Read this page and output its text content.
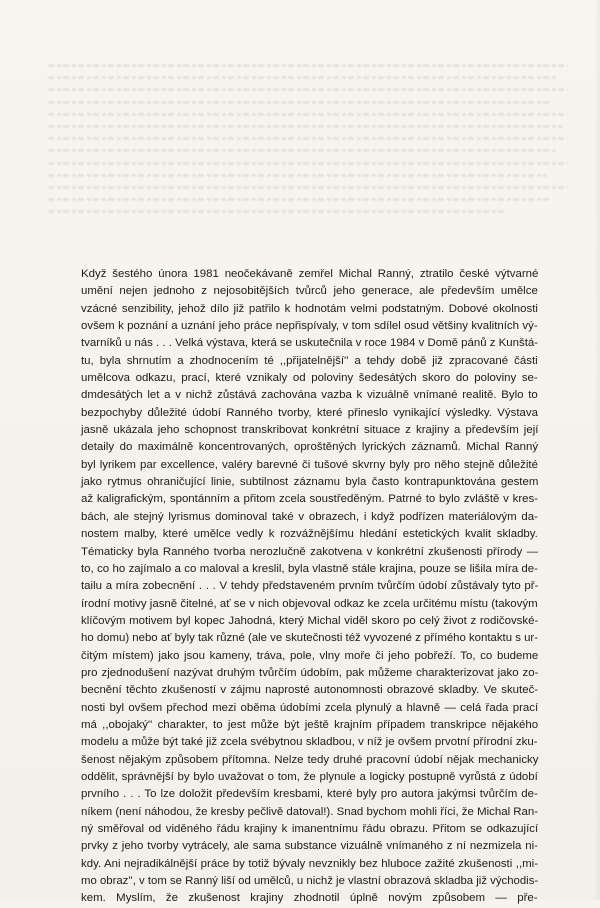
Když šestého února 1981 neočekávaně zemřel Michal Ranný, ztratilo české výtvarné
umění nejen jednoho z nejosobitějších tvůrců jeho generace, ale především umělce
vzácné senzibility, jehož dílo již patřilo k hodnotám velmi podstatným. Dobové okolnosti
ovšem k poznání a uznání jeho práce nepřispívaly, v tom sdílel osud většiny kvalitních vý-
tvarníků u nás . . . Velká výstava, která se uskutečnila v roce 1984 v Domě pánů z Kunštá-
tu, byla shrnutím a zhodnocením té ,,přijatelnější'' a tehdy době již zpracované části
umělcova odkazu, prací, které vznikaly od poloviny šedesátých skoro do poloviny se-
dmdesátých let a v nichž zůstává zachována vazba k vizuálně vnímané realitě. Bylo to
bezpochyby důležité údobí Ranného tvorby, které přineslo vynikající výsledky. Výstava
jasně ukázala jeho schopnost transkribovat konkrétní situace z krajiny a především její
detaily do maximálně koncentrovaných, oproštěných lyrických záznamů. Michal Ranný
byl lyrikem par excellence, valéry barevné či tušové skvrny byly pro něho stejně důležité
jako rytmus ohraničující linie, subtilnost záznamu byla často kontrapunktována gestem
až kaligrafickým, spontánním a přitom zcela soustředěným. Patrné to bylo zvláště v kres-
bách, ale stejný lyrismus dominoval také v obrazech, i když podřízen materiálovým da-
nostem malby, které umělce vedly k rozvážnějšímu hledání estetických kvalit skladby.
Tématicky byla Ranného tvorba nerozlučně zakotvena v konkrétní zkušenosti přírody —
to, co ho zajímalo a co maloval a kreslil, byla vlastně stále krajina, pouze se lišila míra de-
tailu a míra zobecnění . . . V tehdy představeném prvním tvůrčím údobí zůstávaly tyto př-
írodní motivy jasně čitelné, ať se v nich objevoval odkaz ke zcela určitému místu (takovým
klíčovým motivem byl kopec Jahodná, který Michal viděl skoro po celý život z rodičovské-
ho domu) nebo ať byly tak různé (ale ve skutečnosti též vyvozené z přímého kontaktu s ur-
čitým místem) jako jsou kameny, tráva, pole, vlny moře či jeho pobřeží. To, co budeme
pro zjednodušení nazývat druhým tvůrčím údobím, pak můžeme charakterizovat jako zo-
becnění těchto zkušeností v zájmu naprosté autonomnosti obrazové skladby. Ve skuteč-
nosti byl ovšem přechod mezi oběma údobími zcela plynulý a hlavně — celá řada prací
má ,,obojaký'' charakter, to jest může být ještě krajním případem transkripce nějakého
modelu a může být také již zcela svébytnou skladbou, v níž je ovšem prvotní přírodní zku-
šenost nějakým způsobem přítomna. Nelze tedy druhé pracovní údobí nějak mechanicky
oddělit, správnější by bylo uvažovat o tom, že plynule a logicky postupně vyrůstá z údobí
prvního . . . To lze doložit především kresbami, které byly pro autora jakýmsi tvůrčím de-
níkem (není náhodou, že kresby pečlivě datoval!). Snad bychom mohli říci, že Michal Ran-
ný směřoval od viděného řádu krajiny k imanentnímu řádu obrazu. Přitom se odkazující
prvky z jeho tvorby vytrácely, ale sama substance vizuálně vnímaného z ní nezmizela ni-
kdy. Ani nejradikálnější práce by totiž bývaly nevznikly bez hluboce zažité zkušenosti ,,mi-
mo obraz'', v tom se Ranný liší od umělců, u nichž je vlastní obrazová skladba již východis-
kem. Myslím, že zkušenost krajiny zhodnotil úplně novým způsobem — pře-
